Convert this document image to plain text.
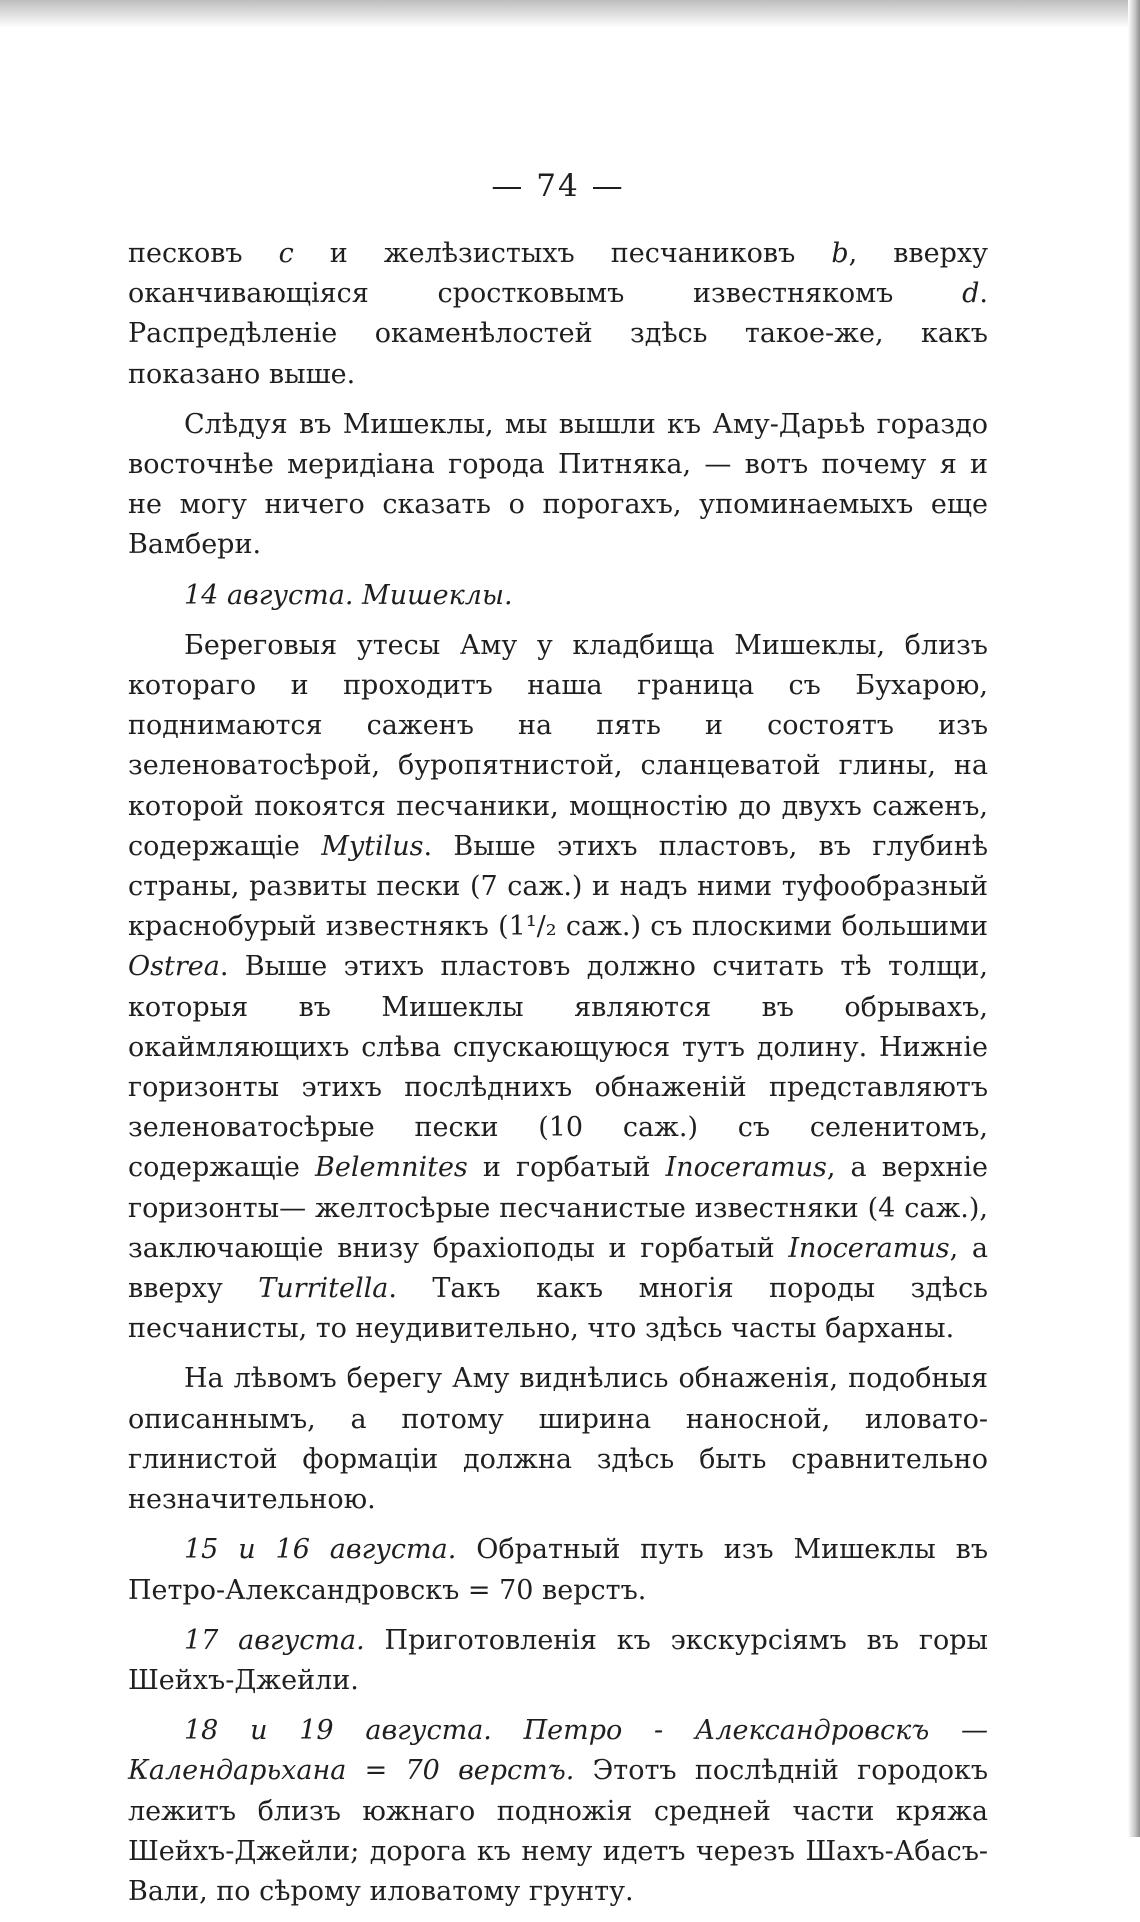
— 74 —

песковъ с и желѣзистыхъ песчаниковъ b, вверху оканчивающіяся сростковымъ известнякомъ d. Распредѣленіе окаменѣлостей здѣсь такое-же, какъ показано выше.

Слѣдуя въ Мишеклы, мы вышли къ Аму-Дарьѣ гораздо восточнѣе меридіана города Питняка, — вотъ почему я и не могу ничего сказать о порогахъ, упоминаемыхъ еще Вамбери.

14 августа. Мишеклы.

Береговыя утесы Аму у кладбища Мишеклы, близъ котораго и проходитъ наша граница съ Бухарою, поднимаются саженъ на пять и состоятъ изъ зеленоватосѣрой, буропятнистой, сланцеватой глины, на которой покоятся песчаники, мощностію до двухъ саженъ, содержащіе Mytilus. Выше этихъ пластовъ, въ глубинѣ страны, развиты пески (7 саж.) и надъ ними туфообразный краснобурый известнякъ (1¹/₂ саж.) съ плоскими большими Ostrea. Выше этихъ пластовъ должно считать тѣ толщи, которыя въ Мишеклы являются въ обрывахъ, окаймляющихъ слѣва спускающуюся тутъ долину. Нижніе горизонты этихъ послѣднихъ обнаженій представляютъ зеленоватосѣрые пески (10 саж.) съ селенитомъ, содержащіе Belemnites и горбатый Inoceramus, а верхніе горизонты— желтосѣрые песчанистые известняки (4 саж.), заключающіе внизу брахіоподы и горбатый Inoceramus, а вверху Turritella. Такъ какъ многія породы здѣсь песчанисты, то неудивительно, что здѣсь часты барханы.

На лѣвомъ берегу Аму виднѣлись обнаженія, подобныя описаннымъ, а потому ширина наносной, иловато-глинистой формаціи должна здѣсь быть сравнительно незначительною.

15 и 16 августа. Обратный путь изъ Мишеклы въ Петро-Александровскъ = 70 верстъ.

17 августа. Приготовленія къ экскурсіямъ въ горы Шейхъ-Джейли.

18 и 19 августа. Петро - Александровскъ — Календарьхана = 70 верстъ. Этотъ послѣдній городокъ лежитъ близъ южнаго подножія средней части кряжа Шейхъ-Джейли; дорога къ нему идетъ черезъ Шахъ-Абасъ-Вали, по сѣрому иловатому грунту.
